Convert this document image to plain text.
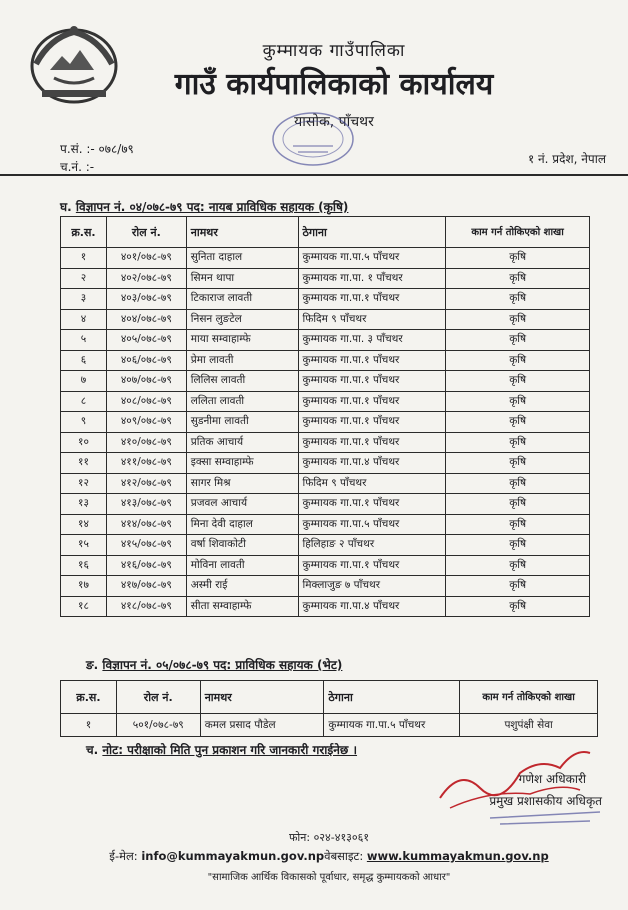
कुम्मायक गाउँपालिका
गाउँ कार्यपालिकाको कार्यालय
यासोक, पाँचथर
प.सं. :- ०७८/७९
च.नं. :-
१ नं. प्रदेश, नेपाल
घ. विज्ञापन नं. ०४/०७८-७९ पद: नायब प्राविधिक सहायक (कृषि)
क्र.स.	रोल नं.	नामथर	ठेगाना	काम गर्न तोकिएको शाखा
१	४०१/०७८-७९	सुनिता दाहाल	कुम्मायक गा.पा.५ पाँचथर	कृषि
२	४०२/०७८-७९	सिमन थापा	कुम्मायक गा.पा. १ पाँचथर	कृषि
३	४०३/०७८-७९	टिकाराज लावती	कुम्मायक गा.पा.१ पाँचथर	कृषि
४	४०४/०७८-७९	निसन लुङटेल	फिदिम ९ पाँचथर	कृषि
५	४०५/०७८-७९	माया सम्वाहाम्फे	कुम्मायक गा.पा. ३ पाँचथर	कृषि
६	४०६/०७८-७९	प्रेमा लावती	कुम्मायक गा.पा.१ पाँचथर	कृषि
७	४०७/०७८-७९	लिलिस लावती	कुम्मायक गा.पा.१ पाँचथर	कृषि
८	४०८/०७८-७९	ललिता लावती	कुम्मायक गा.पा.१ पाँचथर	कृषि
९	४०९/०७८-७९	सुडनीमा लावती	कुम्मायक गा.पा.१ पाँचथर	कृषि
१०	४१०/०७८-७९	प्रतिक आचार्य	कुम्मायक गा.पा.१ पाँचथर	कृषि
११	४११/०७८-७९	इक्सा सम्वाहाम्फे	कुम्मायक गा.पा.४ पाँचथर	कृषि
१२	४१२/०७८-७९	सागर मिश्र	फिदिम ९ पाँचथर	कृषि
१३	४१३/०७८-७९	प्रजवल आचार्य	कुम्मायक गा.पा.१ पाँचथर	कृषि
१४	४१४/०७८-७९	मिना देवी दाहाल	कुम्मायक गा.पा.५ पाँचथर	कृषि
१५	४१५/०७८-७९	वर्षा शिवाकोटी	हिलिहाङ २ पाँचथर	कृषि
१६	४१६/०७८-७९	मोविना लावती	कुम्मायक गा.पा.१ पाँचथर	कृषि
१७	४१७/०७८-७९	अस्मी राई	मिक्लाजुङ ७ पाँचथर	कृषि
१८	४१८/०७८-७९	सीता सम्वाहाम्फे	कुम्मायक गा.पा.४ पाँचथर	कृषि
ङ. विज्ञापन नं. ०५/०७८-७९ पद: प्राविधिक सहायक (भेट)
क्र.स.	रोल नं.	नामथर	ठेगाना	काम गर्न तोकिएको शाखा
१	५०१/०७८-७९	कमल प्रसाद पौडेल	कुम्मायक गा.पा.५ पाँचथर	पशुपंक्षी सेवा
च. नोट: परीक्षाको मिति पुन प्रकाशन गरि जानकारी गराईनेछ ।
गणेश अधिकारी
प्रमुख प्रशासकीय अधिकृत
फोन: ०२४-४१३०६१
ई-मेल: info@kummayakmun.gov.npवेबसाइट: www.kummayakmun.gov.np
"सामाजिक आर्थिक विकासको पूर्वाधार, समृद्ध कुम्मायकको आधार"
